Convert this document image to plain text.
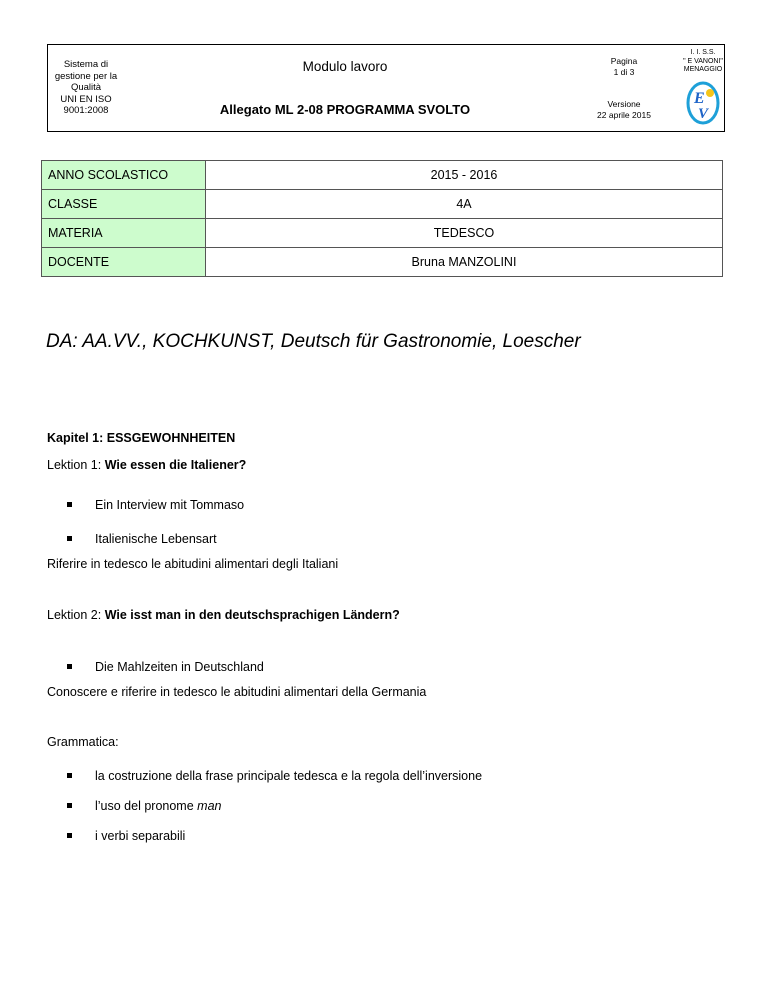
Sistema di
gestione per la
Qualità
UNI EN ISO
9001:2008
Modulo lavoro
Allegato ML 2-08 PROGRAMMA SVOLTO
Pagina
1 di 3
Versione
22 aprile 2015
I. I. S.S.
" E VANONI"
MENAGGIO
E
V
ANNO SCOLASTICO	2015 - 2016
CLASSE	4A
MATERIA	TEDESCO
DOCENTE	Bruna MANZOLINI
DA: AA.VV., KOCHKUNST, Deutsch für Gastronomie, Loescher
Kapitel 1: ESSGEWOHNHEITEN
Lektion 1: Wie essen die Italiener?
Ein Interview mit Tommaso
Italienische Lebensart
Riferire in tedesco le abitudini alimentari degli Italiani
Lektion 2: Wie isst man in den deutschsprachigen Ländern?
Die Mahlzeiten in Deutschland
Conoscere e riferire in tedesco le abitudini alimentari della Germania
Grammatica:
la costruzione della frase principale tedesca e la regola dell’inversione
l’uso del pronome man
i verbi separabili
